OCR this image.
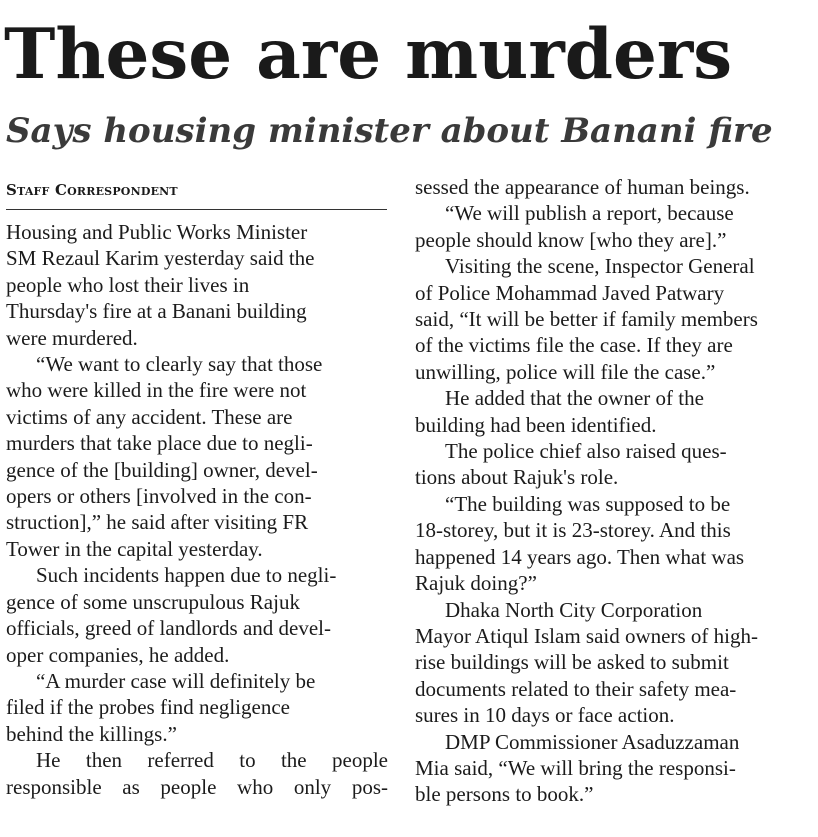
These are murders
Says housing minister about Banani fire
Staff Correspondent

Housing and Public Works Minister
SM Rezaul Karim yesterday said the
people who lost their lives in
Thursday's fire at a Banani building
were murdered.

“We want to clearly say that those
who were killed in the fire were not
victims of any accident. These are
murders that take place due to negli-
gence of the [building] owner, devel-
opers or others [involved in the con-
struction],” he said after visiting FR
Tower in the capital yesterday.

Such incidents happen due to negli-
gence of some unscrupulous Rajuk
officials, greed of landlords and devel-
oper companies, he added.

“A murder case will definitely be
filed if the probes find negligence
behind the killings.”

He then referred to the people
responsible as people who only pos-

sessed the appearance of human beings.

“We will publish a report, because
people should know [who they are].”

Visiting the scene, Inspector General
of Police Mohammad Javed Patwary
said, “It will be better if family members
of the victims file the case. If they are
unwilling, police will file the case.”

He added that the owner of the
building had been identified.

The police chief also raised ques-
tions about Rajuk's role.

“The building was supposed to be
18-storey, but it is 23-storey. And this
happened 14 years ago. Then what was
Rajuk doing?”

Dhaka North City Corporation
Mayor Atiqul Islam said owners of high-
rise buildings will be asked to submit
documents related to their safety mea-
sures in 10 days or face action.

DMP Commissioner Asaduzzaman
Mia said, “We will bring the responsi-
ble persons to book.”
